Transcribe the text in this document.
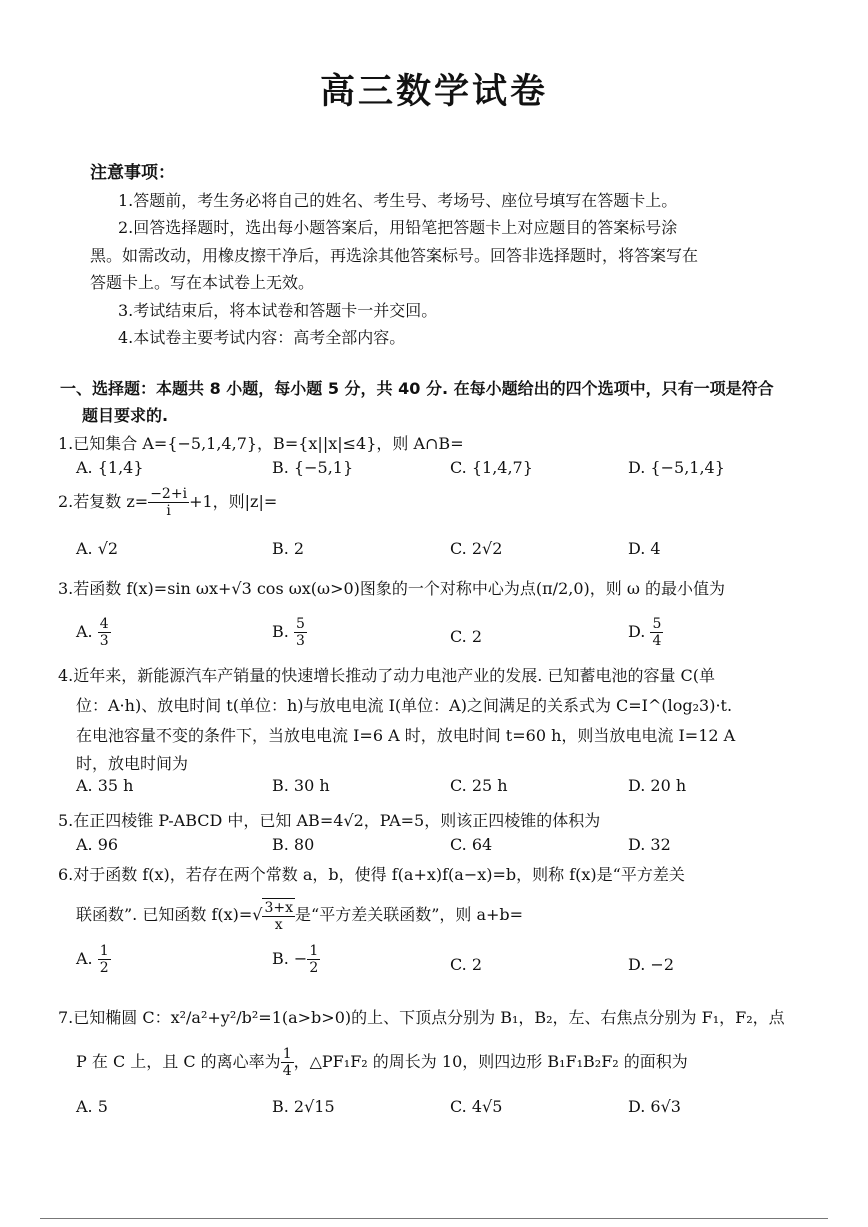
高三数学试卷
注意事项：
1.答题前，考生务必将自己的姓名、考生号、考场号、座位号填写在答题卡上。
2.回答选择题时，选出每小题答案后，用铅笔把答题卡上对应题目的答案标号涂
黑。如需改动，用橡皮擦干净后，再选涂其他答案标号。回答非选择题时，将答案写在
答题卡上。写在本试卷上无效。
3.考试结束后，将本试卷和答题卡一并交回。
4.本试卷主要考试内容：高考全部内容。
一、选择题：本题共 8 小题，每小题 5 分，共 40 分. 在每小题给出的四个选项中，只有一项是符合
题目要求的.
1.已知集合 A={−5,1,4,7}，B={x||x|≤4}，则 A∩B=
A. {1,4}	B. {−5,1}	C. {1,4,7}	D. {−5,1,4}
2.若复数 $z= \frac{-2+i}{i} +1$，则|z|=
A. √2	B. 2	C. 2√2	D. 4
3.若函数 f(x)=sin ωx+√3 cos ωx(ω>0)图象的一个对称中心为点(π/2,0)，则 ω 的最小值为
A. $\frac{4}{3}$	B. $\frac{5}{3}$	C. 2	D. $\frac{5}{4}$
4.近年来，新能源汽车产销量的快速增长推动了动力电池产业的发展. 已知蓄电池的容量 C(单
位：A·h)、放电时间 t(单位：h)与放电电流 I(单位：A)之间满足的关系式为 C=I^(log₂3)·t.
在电池容量不变的条件下，当放电电流 I=6 A 时，放电时间 t=60 h，则当放电电流 I=12 A
时，放电时间为
A. 35 h	B. 30 h	C. 25 h	D. 20 h
5.在正四棱锥 P-ABCD 中，已知 AB=4√2，PA=5，则该正四棱锥的体积为
A. 96	B. 80	C. 64	D. 32
6.对于函数 f(x)，若存在两个常数 a，b，使得 f(a+x)f(a−x)=b，则称 f(x)是“平方差关
联函数”. 已知函数 $f(x)=√ \frac{3+x}{x}$ 是“平方差关联函数”，则 a+b=
A. $\frac{1}{2}$	B. − $\frac{1}{2}$	C. 2	D. −2
7.已知椭圆 C：x²/a²+y²/b²=1(a>b>0)的上、下顶点分别为 B₁，B₂，左、右焦点分别为 F₁，F₂，点
P 在 C 上，且 C 的离心率为 $\frac{1}{4}$ ，△PF₁F₂ 的周长为 10，则四边形 B₁F₁B₂F₂ 的面积为
A. 5	B. 2√15	C. 4√5	D. 6√3
